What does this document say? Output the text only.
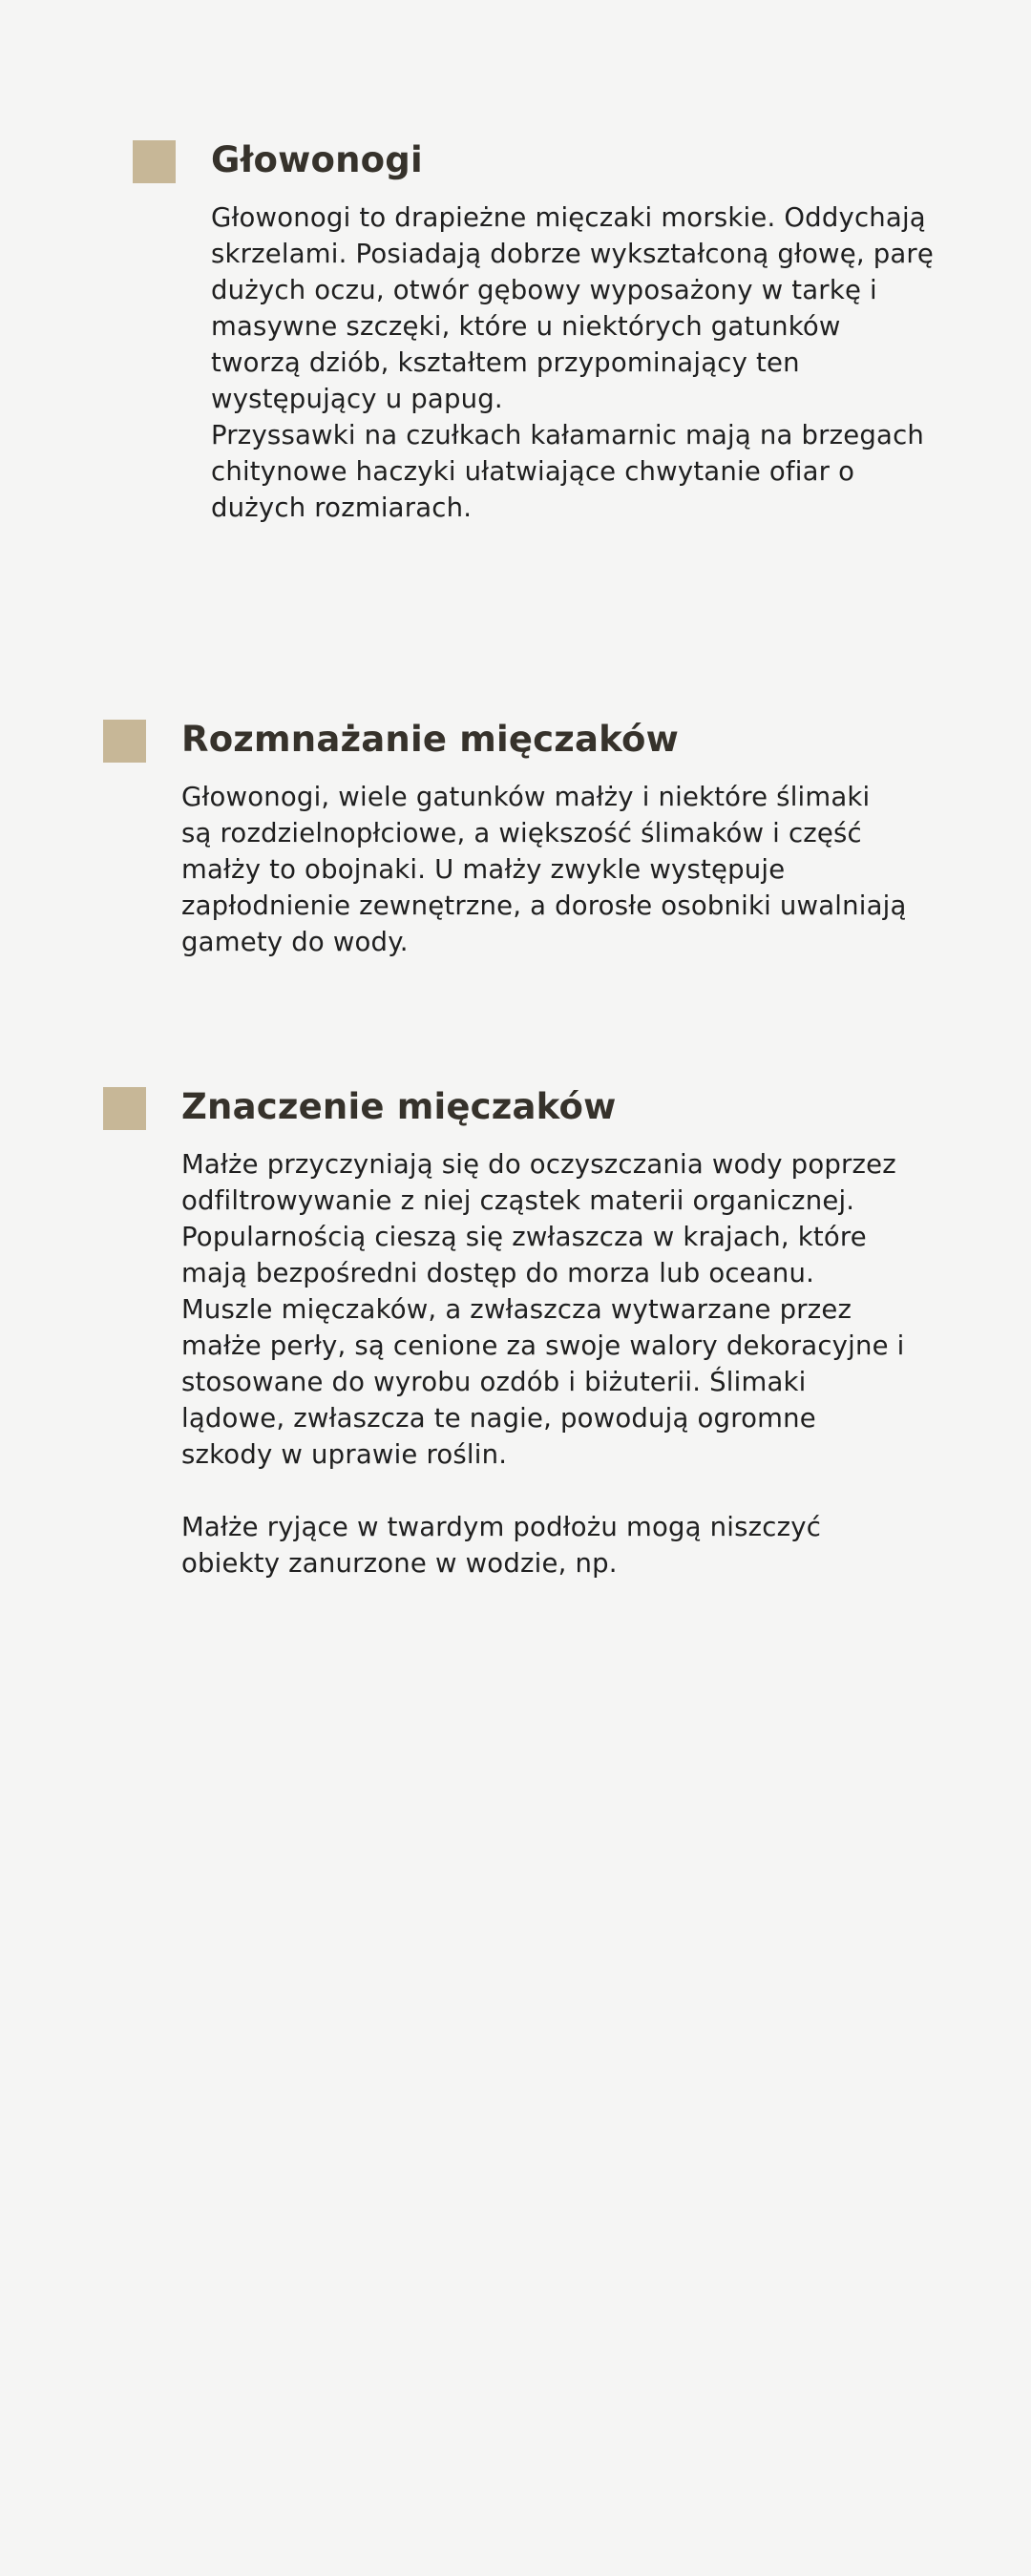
Głowonogi

Głowonogi to drapieżne mięczaki morskie. Oddychają skrzelami. Posiadają dobrze wykształconą głowę, parę dużych oczu, otwór gębowy wyposażony w tarkę i masywne szczęki, które u niektórych gatunków tworzą dziób, kształtem przypominający ten występujący u papug.

Przyssawki na czułkach kałamarnic mają na brzegach chitynowe haczyki ułatwiające chwytanie ofiar o dużych rozmiarach.

Rozmnażanie mięczaków

Głowonogi, wiele gatunków małży i niektóre ślimaki są rozdzielnopłciowe, a większość ślimaków i część małży to obojnaki. U małży zwykle występuje zapłodnienie zewnętrzne, a dorosłe osobniki uwalniają gamety do wody.

Znaczenie mięczaków

Małże przyczyniają się do oczyszczania wody poprzez odfiltrowywanie z niej cząstek materii organicznej. Popularnością cieszą się zwłaszcza w krajach, które mają bezpośredni dostęp do morza lub oceanu. Muszle mięczaków, a zwłaszcza wytwarzane przez małże perły, są cenione za swoje walory dekoracyjne i stosowane do wyrobu ozdób i biżuterii. Ślimaki lądowe, zwłaszcza te nagie, powodują ogromne szkody w uprawie roślin.

Małże ryjące w twardym podłożu mogą niszczyć obiekty zanurzone w wodzie, np.
